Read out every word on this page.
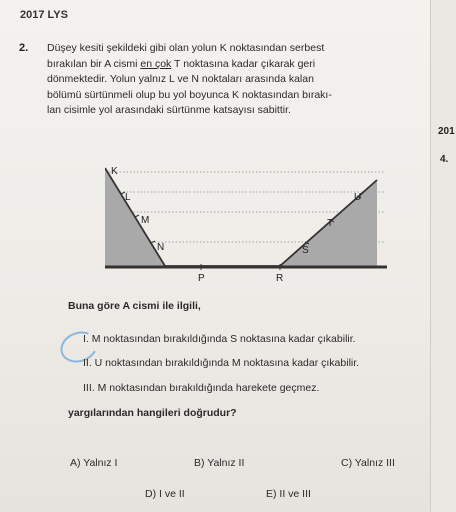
2017 LYS
2. Düşey kesiti şekildeki gibi olan yolun K noktasından serbest
bırakılan bir A cismi en çok T noktasına kadar çıkarak geri
dönmektedir. Yolun yalnız L ve N noktaları arasında kalan
bölümü sürtünmeli olup bu yol boyunca K noktasından bırakı-
lan cisimle yol arasındaki sürtünme katsayısı sabittir.
201
4.
K
L
M
N
P	R
S
T
U
Buna göre A cismi ile ilgili,
I. M noktasından bırakıldığında S noktasına kadar çıkabilir.
II. U noktasından bırakıldığında M noktasına kadar çıkabilir.
III. M noktasından bırakıldığında harekete geçmez.
yargılarından hangileri doğrudur?
A) Yalnız I	B) Yalnız II	C) Yalnız III
D) I ve II	E) II ve III
